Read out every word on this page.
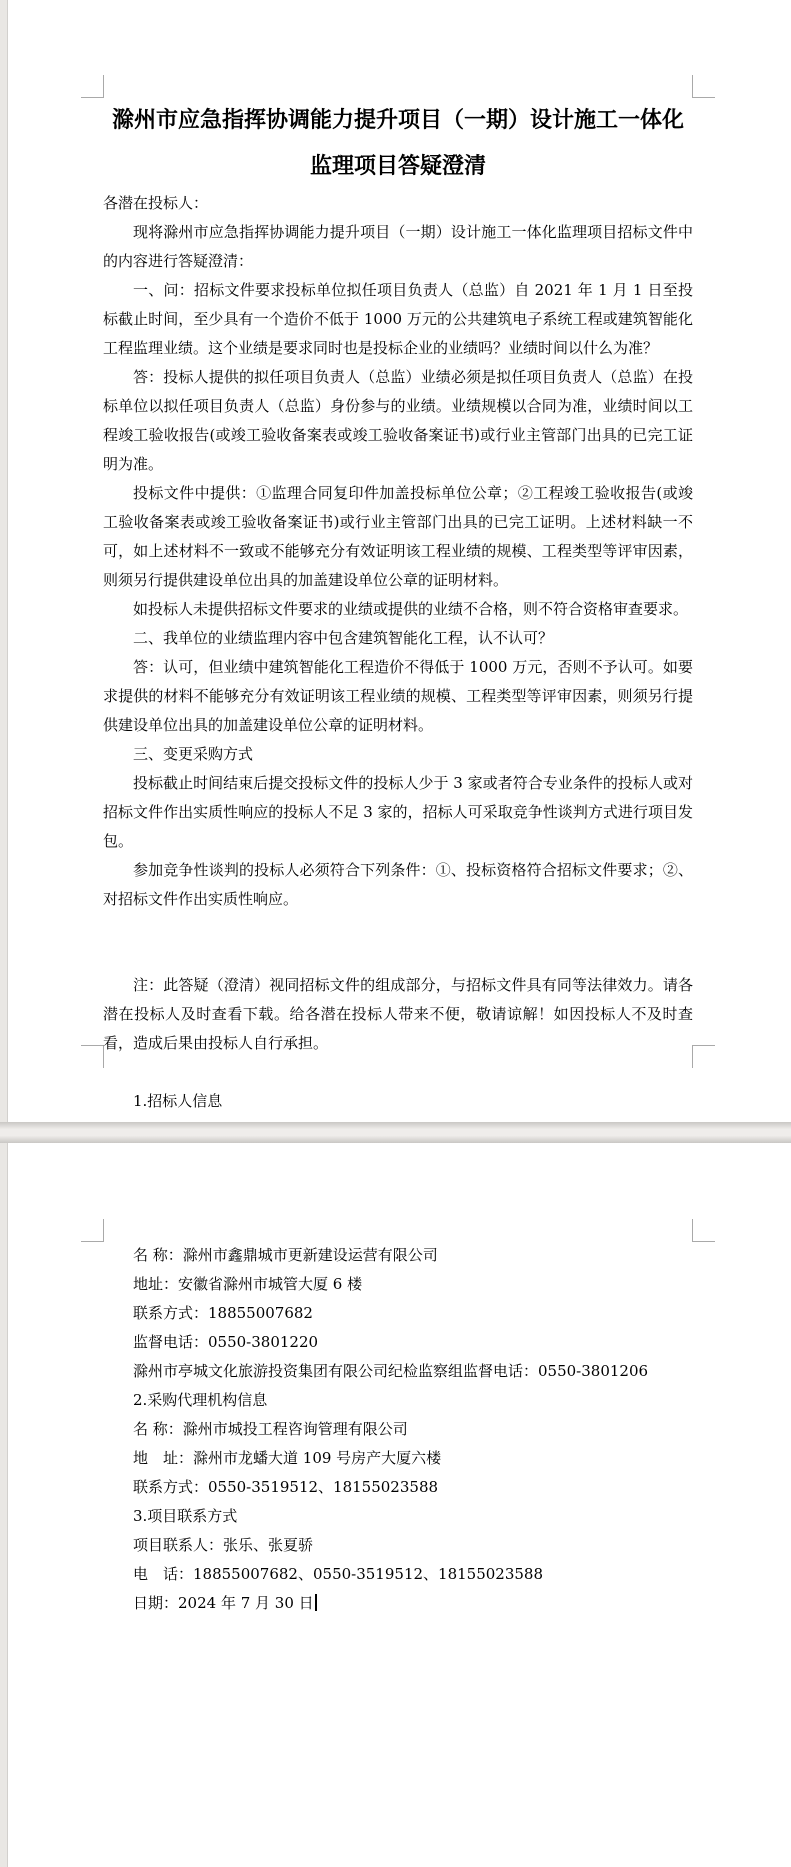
滁州市应急指挥协调能力提升项目（一期）设计施工一体化
监理项目答疑澄清

各潜在投标人：

现将滁州市应急指挥协调能力提升项目（一期）设计施工一体化监理项目招标文件中的内容进行答疑澄清：

一、问：招标文件要求投标单位拟任项目负责人（总监）自 2021 年 1 月 1 日至投标截止时间，至少具有一个造价不低于 1000 万元的公共建筑电子系统工程或建筑智能化工程监理业绩。这个业绩是要求同时也是投标企业的业绩吗？业绩时间以什么为准？

答：投标人提供的拟任项目负责人（总监）业绩必须是拟任项目负责人（总监）在投标单位以拟任项目负责人（总监）身份参与的业绩。业绩规模以合同为准，业绩时间以工程竣工验收报告(或竣工验收备案表或竣工验收备案证书)或行业主管部门出具的已完工证明为准。

投标文件中提供：①监理合同复印件加盖投标单位公章；②工程竣工验收报告(或竣工验收备案表或竣工验收备案证书)或行业主管部门出具的已完工证明。上述材料缺一不可，如上述材料不一致或不能够充分有效证明该工程业绩的规模、工程类型等评审因素，则须另行提供建设单位出具的加盖建设单位公章的证明材料。

如投标人未提供招标文件要求的业绩或提供的业绩不合格，则不符合资格审查要求。

二、我单位的业绩监理内容中包含建筑智能化工程，认不认可？

答：认可，但业绩中建筑智能化工程造价不得低于 1000 万元，否则不予认可。如要求提供的材料不能够充分有效证明该工程业绩的规模、工程类型等评审因素，则须另行提供建设单位出具的加盖建设单位公章的证明材料。

三、变更采购方式

投标截止时间结束后提交投标文件的投标人少于 3 家或者符合专业条件的投标人或对招标文件作出实质性响应的投标人不足 3 家的，招标人可采取竞争性谈判方式进行项目发包。

参加竞争性谈判的投标人必须符合下列条件：①、投标资格符合招标文件要求；②、对招标文件作出实质性响应。

注：此答疑（澄清）视同招标文件的组成部分，与招标文件具有同等法律效力。请各潜在投标人及时查看下载。给各潜在投标人带来不便，敬请谅解！如因投标人不及时查看，造成后果由投标人自行承担。

1.招标人信息

名 称：滁州市鑫鼎城市更新建设运营有限公司

地址：安徽省滁州市城管大厦 6 楼

联系方式：18855007682

监督电话：0550-3801220

滁州市亭城文化旅游投资集团有限公司纪检监察组监督电话：0550-3801206

2.采购代理机构信息

名 称：滁州市城投工程咨询管理有限公司

地　址：滁州市龙蟠大道 109 号房产大厦六楼

联系方式：0550-3519512、18155023588

3.项目联系方式

项目联系人：张乐、张夏骄

电　话：18855007682、0550-3519512、18155023588

日期：2024 年 7 月 30 日
